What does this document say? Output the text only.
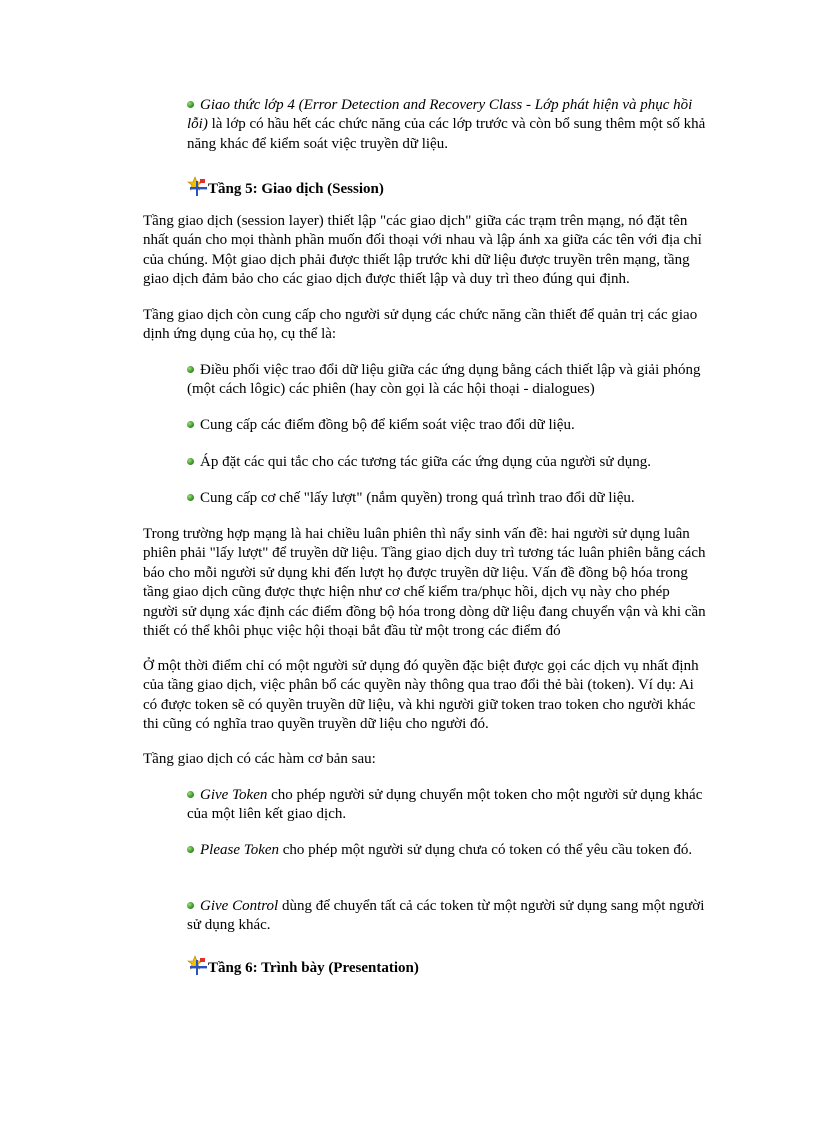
Giao thức lớp 4 (Error Detection and Recovery Class - Lớp phát hiện và phục hồi lỗi) là lớp có hầu hết các chức năng của các lớp trước và còn bổ sung thêm một số khả năng khác để kiểm soát việc truyền dữ liệu.

Tầng 5: Giao dịch (Session)

Tầng giao dịch (session layer) thiết lập "các giao dịch" giữa các trạm trên mạng, nó đặt tên nhất quán cho mọi thành phần muốn đối thoại với nhau và lập ánh xa giữa các tên với địa chỉ của chúng. Một giao dịch phải được thiết lập trước khi dữ liệu được truyền trên mạng, tầng giao dịch đảm bảo cho các giao dịch được thiết lập và duy trì theo đúng qui định.

Tầng giao dịch còn cung cấp cho người sử dụng các chức năng cần thiết để quản trị các giao dịnh ứng dụng của họ, cụ thể là:

Điều phối việc trao đổi dữ liệu giữa các ứng dụng bằng cách thiết lập và giải phóng (một cách lôgic) các phiên (hay còn gọi là các hội thoại - dialogues)

Cung cấp các điểm đồng bộ để kiểm soát việc trao đổi dữ liệu.

Áp đặt các qui tắc cho các tương tác giữa các ứng dụng của người sử dụng.

Cung cấp cơ chế "lấy lượt" (nắm quyền) trong quá trình trao đổi dữ liệu.

Trong trường hợp mạng là hai chiều luân phiên thì nẩy sinh vấn đề: hai người sử dụng luân phiên phải "lấy lượt" để truyền dữ liệu. Tầng giao dịch duy trì tương tác luân phiên bằng cách báo cho mỗi người sử dụng khi đến lượt họ được truyền dữ liệu. Vấn đề đồng bộ hóa trong tầng giao dịch cũng được thực hiện như cơ chế kiểm tra/phục hồi, dịch vụ này cho phép người sử dụng xác định các điểm đồng bộ hóa trong dòng dữ liệu đang chuyển vận và khi cần thiết có thể khôi phục việc hội thoại bắt đầu từ một trong các điểm đó

Ở một thời điểm chỉ có một người sử dụng đó quyền đặc biệt được gọi các dịch vụ nhất định của tầng giao dịch, việc phân bổ các quyền này thông qua trao đổi thẻ bài (token). Ví dụ: Ai có được token sẽ có quyền truyền dữ liệu, và khi người giữ token trao token cho người khác thi cũng có nghĩa trao quyền truyền dữ liệu cho người đó.

Tầng giao dịch có các hàm cơ bản sau:

Give Token cho phép người sử dụng chuyển một token cho một người sử dụng khác của một liên kết giao dịch.

Please Token cho phép một người sử dụng chưa có token có thể yêu cầu token đó.

Give Control dùng để chuyển tất cả các token từ một người sử dụng sang một người sử dụng khác.

Tầng 6: Trình bày (Presentation)
